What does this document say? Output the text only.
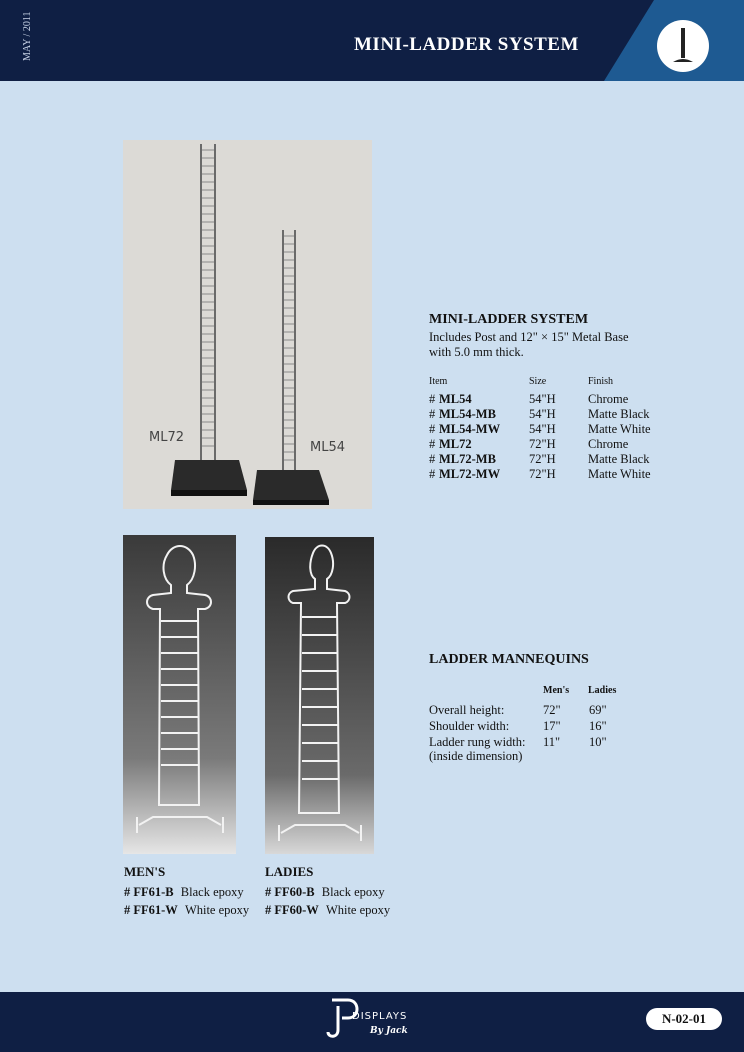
MAY / 2011	MINI-LADDER SYSTEM
ML72
ML54
MINI-LADDER SYSTEM
Includes Post and 12" × 15" Metal Base
with 5.0 mm thick.
Item	Size	Finish
# ML54	54"H	Chrome
# ML54-MB	54"H	Matte Black
# ML54-MW 54"H	Matte White
# ML72	72"H	Chrome
# ML72-MB	72"H	Matte Black
# ML72-MW 72"H	Matte White
LADDER MANNEQUINS
Men's Ladies
Overall height:	72" 69"
Shoulder width:	17" 16"
Ladder rung width: 11" 10"
(inside dimension)
MEN'S
# FF61-B Black epoxy
# FF61-W White epoxy
LADIES
# FF60-B Black epoxy
# FF60-W White epoxy
DISPLAYS
By Jack
N-02-01
